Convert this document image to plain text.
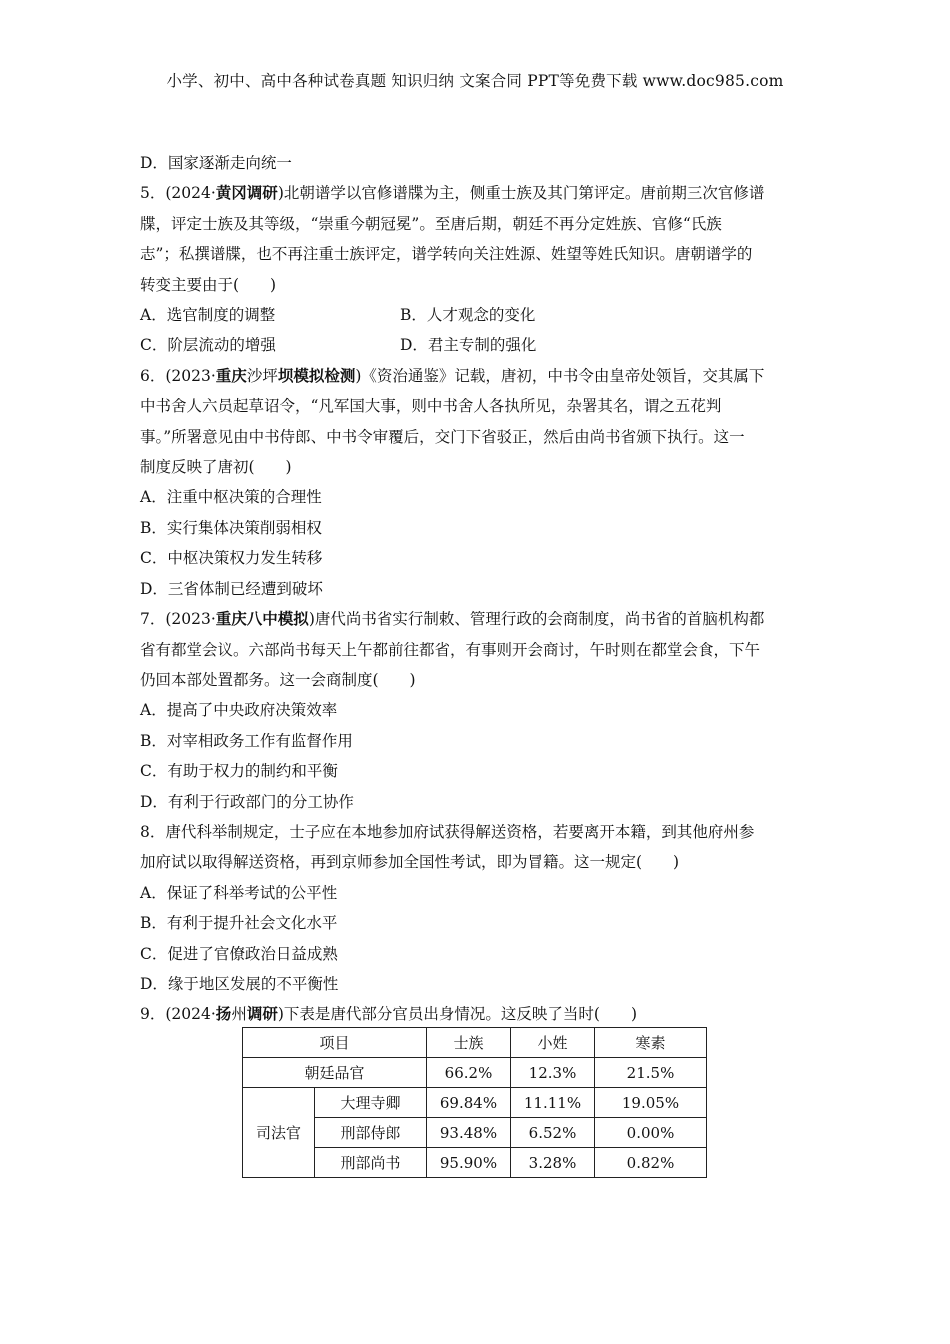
小学、初中、高中各种试卷真题 知识归纳 文案合同 PPT等免费下载 www.doc985.com
D．国家逐渐走向统一
5．(2024·黄冈调研)北朝谱学以官修谱牒为主，侧重士族及其门第评定。唐前期三次官修谱
牒，评定士族及其等级，“崇重今朝冠冕”。至唐后期，朝廷不再分定姓族、官修“氏族
志”；私撰谱牒，也不再注重士族评定，谱学转向关注姓源、姓望等姓氏知识。唐朝谱学的
转变主要由于(　　)
A．选官制度的调整	B．人才观念的变化
C．阶层流动的增强	D．君主专制的强化
6．(2023·重庆沙坪坝模拟检测)《资治通鉴》记载，唐初，中书令由皇帝处领旨，交其属下
中书舍人六员起草诏令，“凡军国大事，则中书舍人各执所见，杂署其名，谓之五花判
事。”所署意见由中书侍郎、中书令审覆后，交门下省驳正，然后由尚书省颁下执行。这一
制度反映了唐初(　　)
A．注重中枢决策的合理性
B．实行集体决策削弱相权
C．中枢决策权力发生转移
D．三省体制已经遭到破坏
7．(2023·重庆八中模拟)唐代尚书省实行制敕、管理行政的会商制度，尚书省的首脑机构都
省有都堂会议。六部尚书每天上午都前往都省，有事则开会商讨，午时则在都堂会食，下午
仍回本部处置都务。这一会商制度(　　)
A．提高了中央政府决策效率
B．对宰相政务工作有监督作用
C．有助于权力的制约和平衡
D．有利于行政部门的分工协作
8．唐代科举制规定，士子应在本地参加府试获得解送资格，若要离开本籍，到其他府州参
加府试以取得解送资格，再到京师参加全国性考试，即为冒籍。这一规定(　　)
A．保证了科举考试的公平性
B．有利于提升社会文化水平
C．促进了官僚政治日益成熟
D．缘于地区发展的不平衡性
9．(2024·扬州调研)下表是唐代部分官员出身情况。这反映了当时(　　)
项目		士族	小姓	寒素
朝廷品官		66.2%	12.3%	21.5%
司法官	大理寺卿	69.84%	11.11%	19.05%
	刑部侍郎	93.48%	6.52%	0.00%
	刑部尚书	95.90%	3.28%	0.82%
